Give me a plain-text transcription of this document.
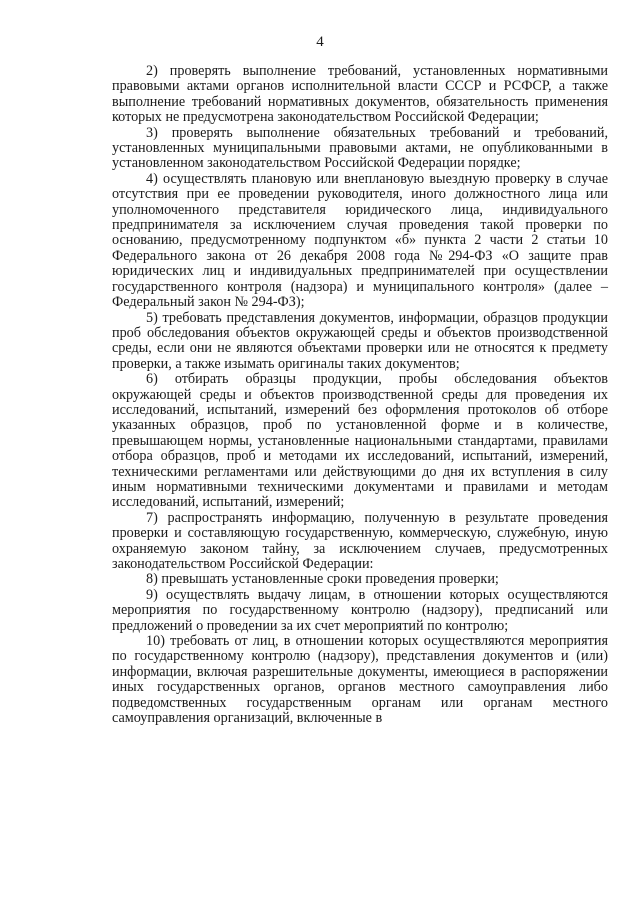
4

2) проверять выполнение требований, установленных нормативными правовыми актами органов исполнительной власти СССР и РСФСР, а также выполнение требований нормативных документов, обязательность применения которых не предусмотрена законодательством Российской Федерации;

3) проверять выполнение обязательных требований и требований, установленных муниципальными правовыми актами, не опубликованными в установленном законодательством Российской Федерации порядке;

4) осуществлять плановую или внеплановую выездную проверку в случае отсутствия при ее проведении руководителя, иного должностного лица или уполномоченного представителя юридического лица, индивидуального предпринимателя за исключением случая проведения такой проверки по основанию, предусмотренному подпунктом «б» пункта 2 части 2 статьи 10 Федерального закона от 26 декабря 2008 года №294-ФЗ «О защите прав юридических лиц и индивидуальных предпринимателей при осуществлении государственного контроля (надзора) и муниципального контроля» (далее – Федеральный закон № 294-ФЗ);

5) требовать представления документов, информации, образцов продукции проб обследования объектов окружающей среды и объектов производственной среды, если они не являются объектами проверки или не относятся к предмету проверки, а также изымать оригиналы таких документов;

6) отбирать образцы продукции, пробы обследования объектов окружающей среды и объектов производственной среды для проведения их исследований, испытаний, измерений без оформления протоколов об отборе указанных образцов, проб по установленной форме и в количестве, превышающем нормы, установленные национальными стандартами, правилами отбора образцов, проб и методами их исследований, испытаний, измерений, техническими регламентами или действующими до дня их вступления в силу иным нормативными техническими документами и правилами и методам исследований, испытаний, измерений;

7) распространять информацию, полученную в результате проведения проверки и составляющую государственную, коммерческую, служебную, иную охраняемую законом тайну, за исключением случаев, предусмотренных законодательством Российской Федерации:

8) превышать установленные сроки проведения проверки;

9) осуществлять выдачу лицам, в отношении которых осуществляются мероприятия по государственному контролю (надзору), предписаний или предложений о проведении за их счет мероприятий по контролю;

10) требовать от лиц, в отношении которых осуществляются мероприятия по государственному контролю (надзору), представления документов и (или) информации, включая разрешительные документы, имеющиеся в распоряжении иных государственных органов, органов местного самоуправления либо подведомственных государственным органам или органам местного самоуправления организаций, включенные в
